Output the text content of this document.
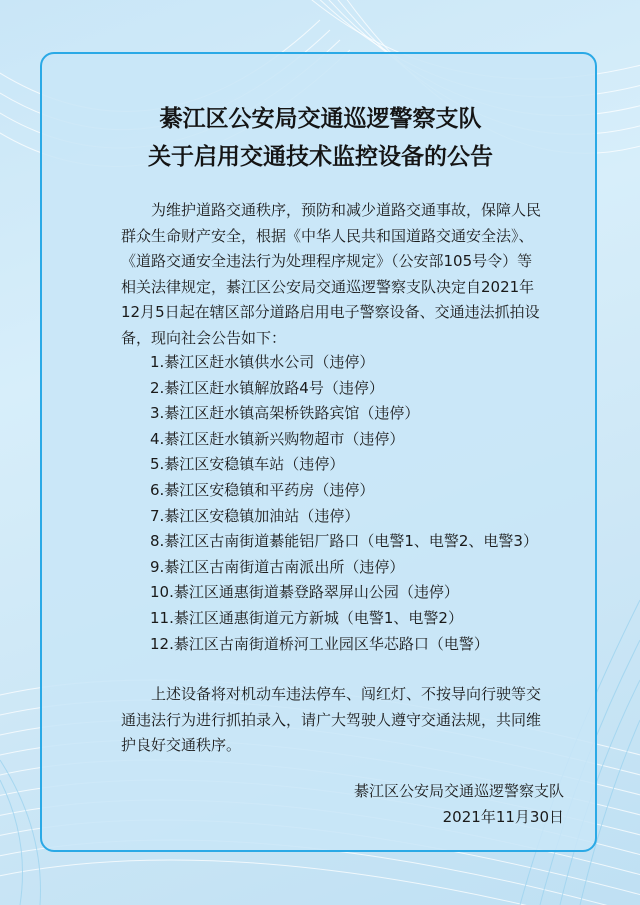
綦江区公安局交通巡逻警察支队
关于启用交通技术监控设备的公告

为维护道路交通秩序，预防和减少道路交通事故，保障人民

群众生命财产安全，根据《中华人民共和国道路交通安全法》、

《道路交通安全违法行为处理程序规定》（公安部105号令）等

相关法律规定，綦江区公安局交通巡逻警察支队决定自2021年

12月5日起在辖区部分道路启用电子警察设备、交通违法抓拍设

备，现向社会公告如下：

1.綦江区赶水镇供水公司（违停）
2.綦江区赶水镇解放路4号（违停）
3.綦江区赶水镇高架桥铁路宾馆（违停）
4.綦江区赶水镇新兴购物超市（违停）
5.綦江区安稳镇车站（违停）
6.綦江区安稳镇和平药房（违停）
7.綦江区安稳镇加油站（违停）
8.綦江区古南街道綦能铝厂路口（电警1、电警2、电警3）
9.綦江区古南街道古南派出所（违停）
10.綦江区通惠街道綦登路翠屏山公园（违停）
11.綦江区通惠街道元方新城（电警1、电警2）
12.綦江区古南街道桥河工业园区华芯路口（电警）

上述设备将对机动车违法停车、闯红灯、不按导向行驶等交

通违法行为进行抓拍录入，请广大驾驶人遵守交通法规，共同维

护良好交通秩序。

綦江区公安局交通巡逻警察支队
2021年11月30日
